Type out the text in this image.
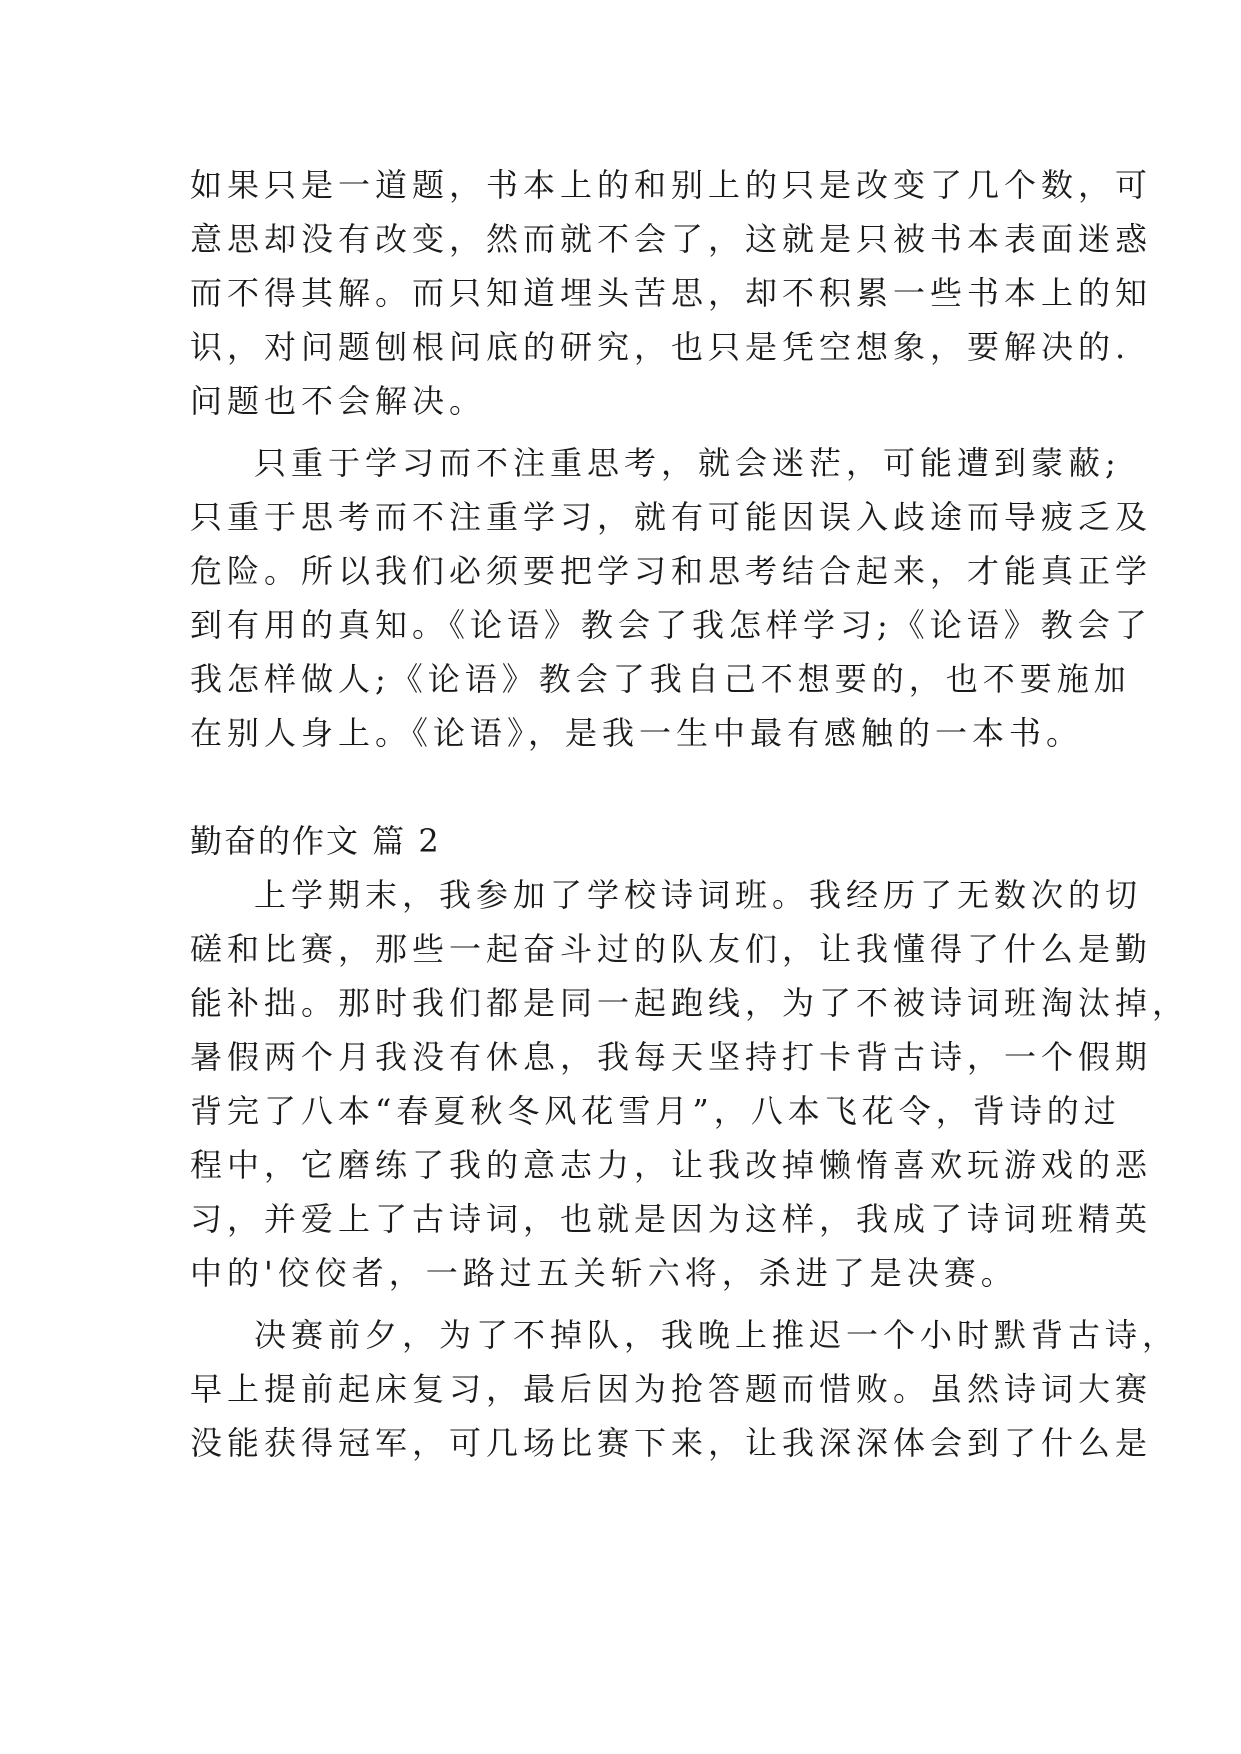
如果只是一道题，书本上的和别上的只是改变了几个数，可
意思却没有改变，然而就不会了，这就是只被书本表面迷惑
而不得其解。而只知道埋头苦思，却不积累一些书本上的知
识，对问题刨根问底的研究，也只是凭空想象，要解决的.
问题也不会解决。
只重于学习而不注重思考，就会迷茫，可能遭到蒙蔽;
只重于思考而不注重学习，就有可能因误入歧途而导疲乏及
危险。所以我们必须要把学习和思考结合起来，才能真正学
到有用的真知。《论语》教会了我怎样学习;《论语》教会了
我怎样做人;《论语》教会了我自己不想要的，也不要施加
在别人身上。《论语》，是我一生中最有感触的一本书。
勤奋的作文 篇 2
上学期末，我参加了学校诗词班。我经历了无数次的切
磋和比赛，那些一起奋斗过的队友们，让我懂得了什么是勤
能补拙。那时我们都是同一起跑线，为了不被诗词班淘汰掉，
暑假两个月我没有休息，我每天坚持打卡背古诗，一个假期
背完了八本“春夏秋冬风花雪月”，八本飞花令，背诗的过
程中，它磨练了我的意志力，让我改掉懒惰喜欢玩游戏的恶
习，并爱上了古诗词，也就是因为这样，我成了诗词班精英
中的'佼佼者，一路过五关斩六将，杀进了是决赛。
决赛前夕，为了不掉队，我晚上推迟一个小时默背古诗，
早上提前起床复习，最后因为抢答题而惜败。虽然诗词大赛
没能获得冠军，可几场比赛下来，让我深深体会到了什么是
